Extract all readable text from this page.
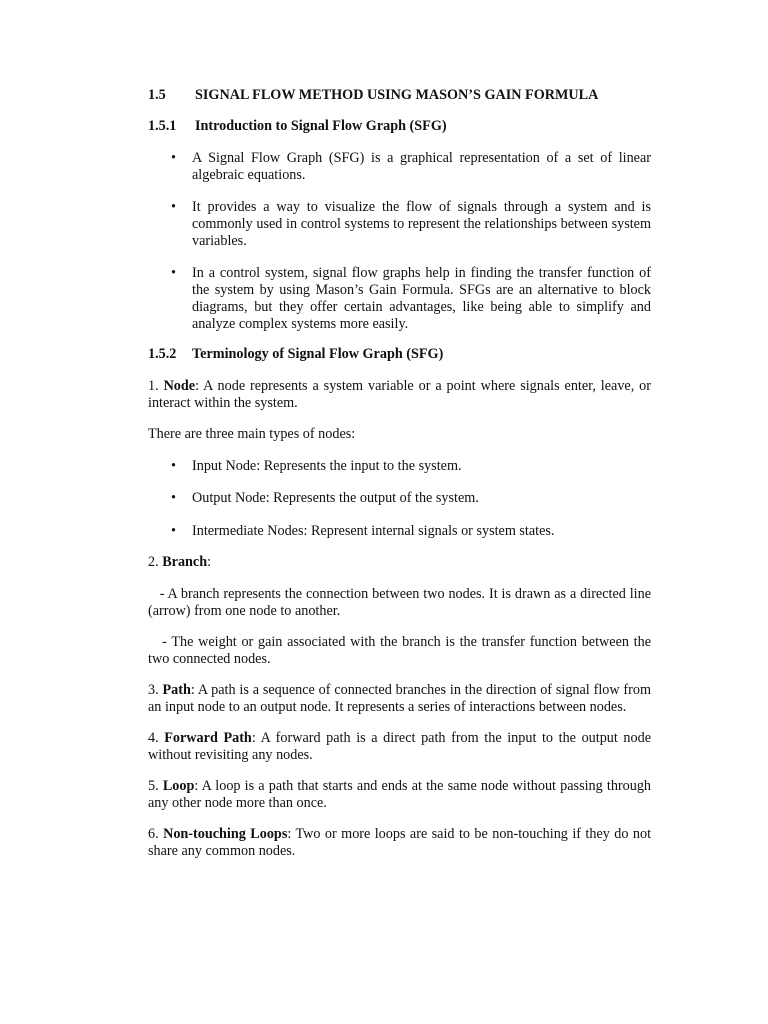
1.5 SIGNAL FLOW METHOD USING MASON’S GAIN FORMULA
1.5.1 Introduction to Signal Flow Graph (SFG)
• A Signal Flow Graph (SFG) is a graphical representation of a set of linear algebraic equations.

• It provides a way to visualize the flow of signals through a system and is commonly used in control systems to represent the relationships between system variables.

• In a control system, signal flow graphs help in finding the transfer function of the system by using Mason’s Gain Formula. SFGs are an alternative to block diagrams, but they offer certain advantages, like being able to simplify and analyze complex systems more easily.

1.5.2 Terminology of Signal Flow Graph (SFG)
1. Node: A node represents a system variable or a point where signals enter, leave, or interact within the system.
There are three main types of nodes:
• Input Node: Represents the input to the system.

• Output Node: Represents the output of the system.

• Intermediate Nodes: Represent internal signals or system states.

2. Branch:
- A branch represents the connection between two nodes. It is drawn as a directed line (arrow) from one node to another.
- The weight or gain associated with the branch is the transfer function between the two connected nodes.
3. Path: A path is a sequence of connected branches in the direction of signal flow from an input node to an output node. It represents a series of interactions between nodes.
4. Forward Path: A forward path is a direct path from the input to the output node without revisiting any nodes.
5. Loop: A loop is a path that starts and ends at the same node without passing through any other node more than once.
6. Non-touching Loops: Two or more loops are said to be non-touching if they do not share any common nodes.
